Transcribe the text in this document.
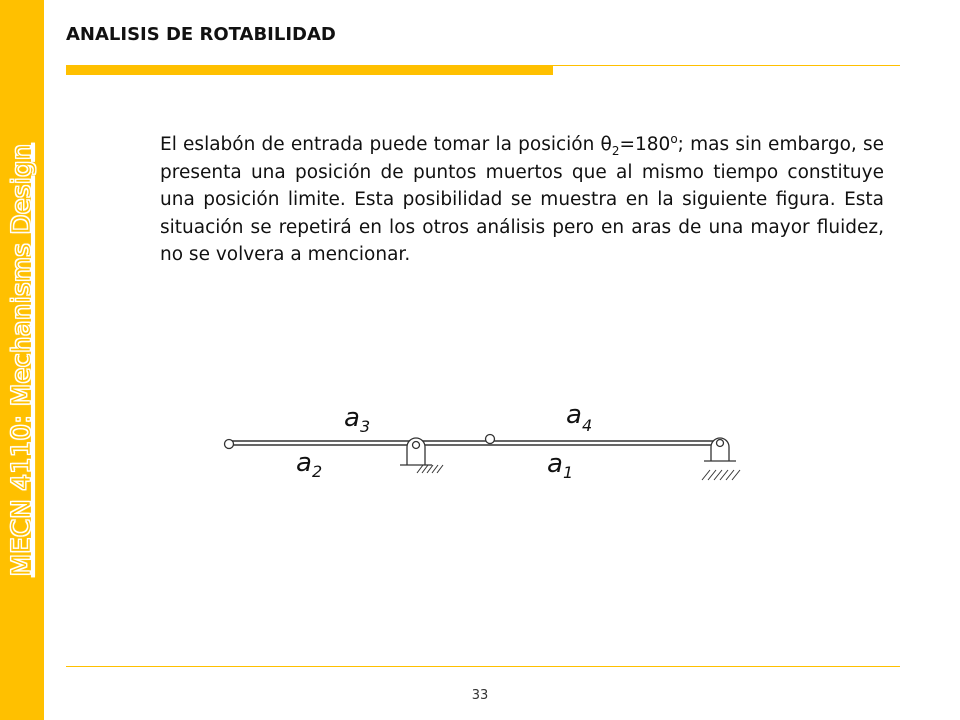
MECN 4110: Mechanisms Design
ANALISIS DE ROTABILIDAD

El eslabón de entrada puede tomar la posición $\theta_2=180^o$; mas sin embargo, se presenta una posición de puntos muertos que al mismo tiempo constituye una posición limite. Esta posibilidad se muestra en la siguiente figura. Esta situación se repetirá en los otros análisis pero en aras de una mayor fluidez, no se volvera a mencionar.

$a_3$	$a_4$
$a_2$	$a_1$
33
